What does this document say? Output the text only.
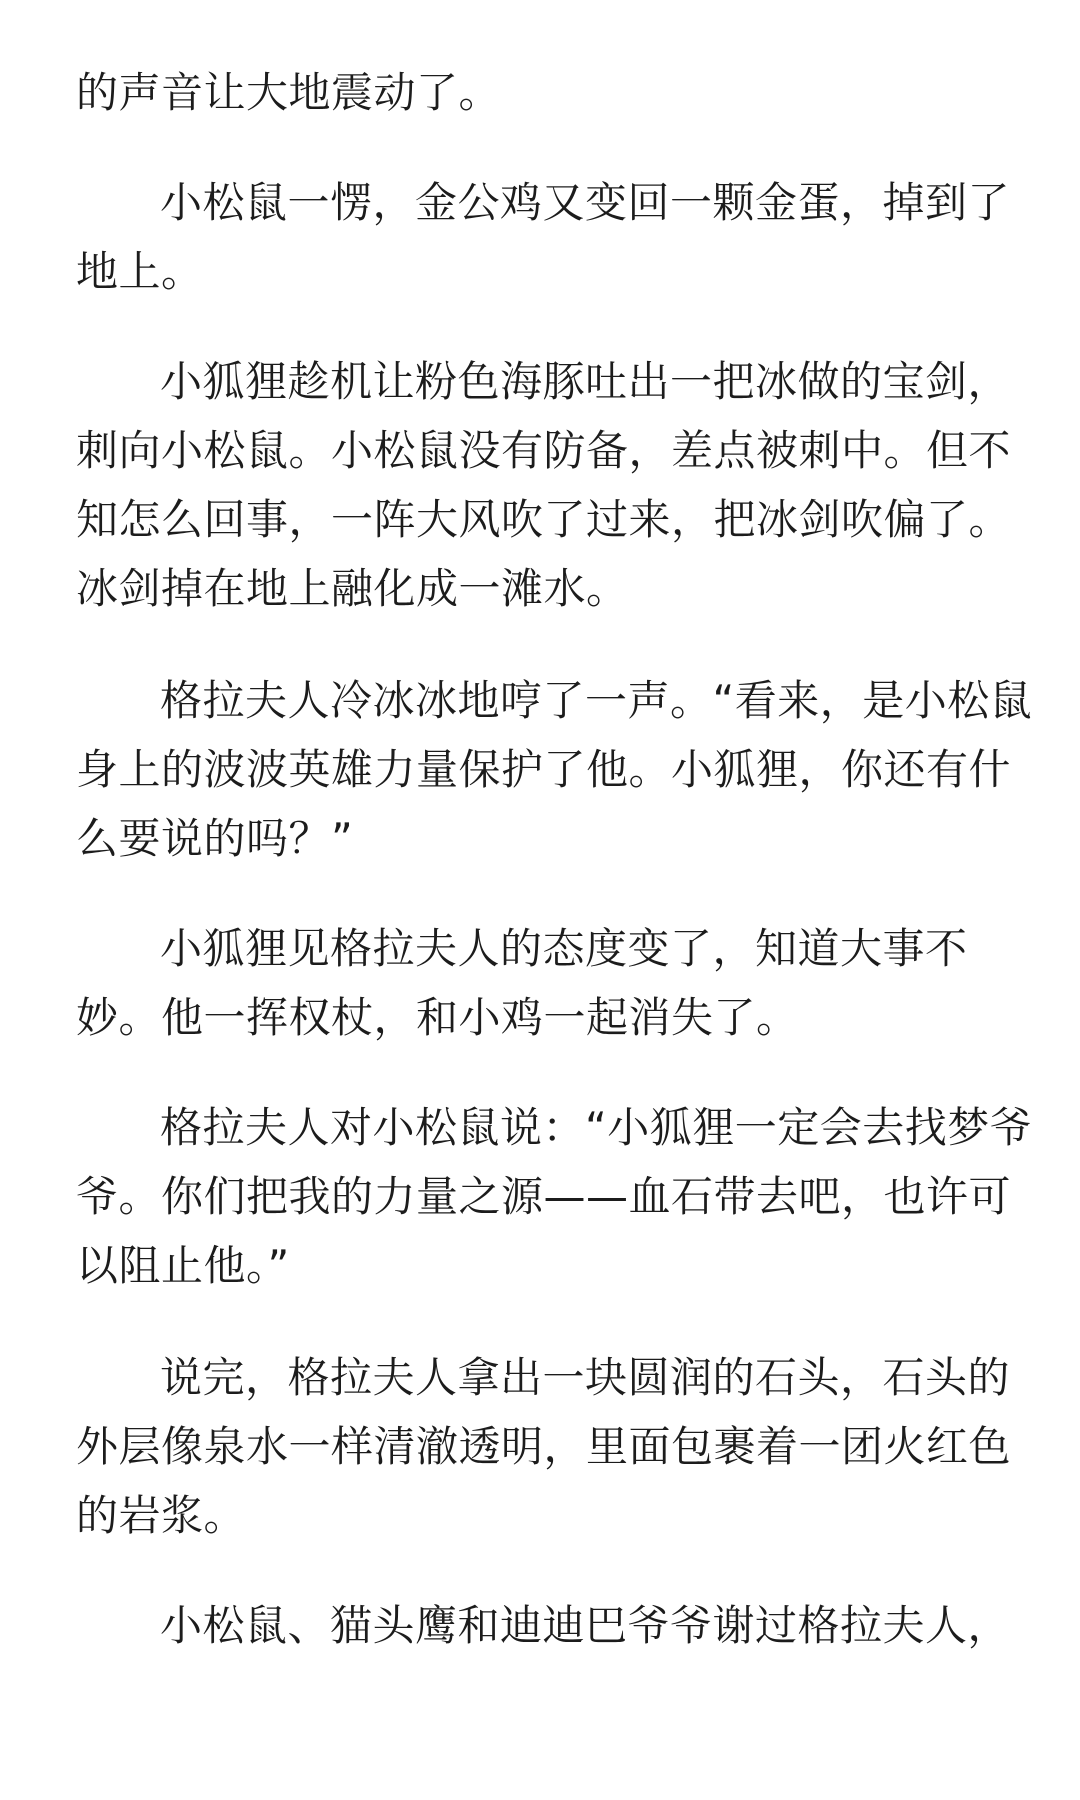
的声音让大地震动了。
小松鼠一愣，金公鸡又变回一颗金蛋，掉到了
地上。
小狐狸趁机让粉色海豚吐出一把冰做的宝剑，
刺向小松鼠。小松鼠没有防备，差点被刺中。但不
知怎么回事，一阵大风吹了过来，把冰剑吹偏了。
冰剑掉在地上融化成一滩水。
格拉夫人冷冰冰地哼了一声。“看来，是小松鼠
身上的波波英雄力量保护了他。小狐狸，你还有什
么要说的吗？”
小狐狸见格拉夫人的态度变了，知道大事不
妙。他一挥权杖，和小鸡一起消失了。
格拉夫人对小松鼠说：“小狐狸一定会去找梦爷
爷。你们把我的力量之源——血石带去吧，也许可
以阻止他。”
说完，格拉夫人拿出一块圆润的石头，石头的
外层像泉水一样清澈透明，里面包裹着一团火红色
的岩浆。
小松鼠、猫头鹰和迪迪巴爷爷谢过格拉夫人，
